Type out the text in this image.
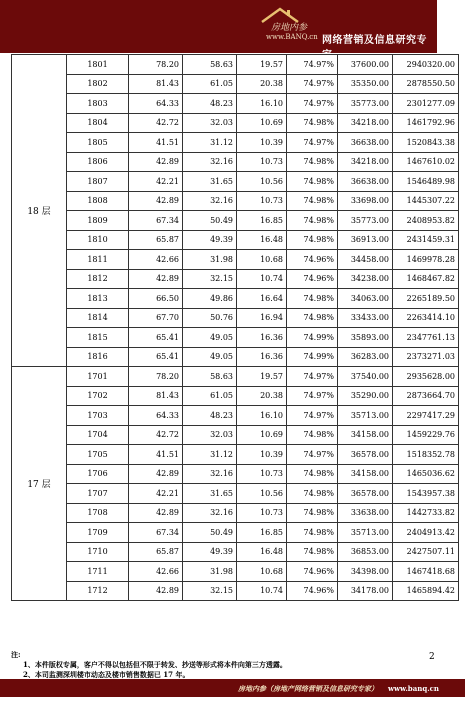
房地内参
www.BANQ.cn 网络营销及信息研究专家
18 层	1801	78.20	58.63	19.57	74.97%	37600.00	2940320.00
	1802	81.43	61.05	20.38	74.97%	35350.00	2878550.50
	1803	64.33	48.23	16.10	74.97%	35773.00	2301277.09
	1804	42.72	32.03	10.69	74.98%	34218.00	1461792.96
	1805	41.51	31.12	10.39	74.97%	36638.00	1520843.38
	1806	42.89	32.16	10.73	74.98%	34218.00	1467610.02
	1807	42.21	31.65	10.56	74.98%	36638.00	1546489.98
	1808	42.89	32.16	10.73	74.98%	33698.00	1445307.22
	1809	67.34	50.49	16.85	74.98%	35773.00	2408953.82
	1810	65.87	49.39	16.48	74.98%	36913.00	2431459.31
	1811	42.66	31.98	10.68	74.96%	34458.00	1469978.28
	1812	42.89	32.15	10.74	74.96%	34238.00	1468467.82
	1813	66.50	49.86	16.64	74.98%	34063.00	2265189.50
	1814	67.70	50.76	16.94	74.98%	33433.00	2263414.10
	1815	65.41	49.05	16.36	74.99%	35893.00	2347761.13
	1816	65.41	49.05	16.36	74.99%	36283.00	2373271.03
17 层	1701	78.20	58.63	19.57	74.97%	37540.00	2935628.00
	1702	81.43	61.05	20.38	74.97%	35290.00	2873664.70
	1703	64.33	48.23	16.10	74.97%	35713.00	2297417.29
	1704	42.72	32.03	10.69	74.98%	34158.00	1459229.76
	1705	41.51	31.12	10.39	74.97%	36578.00	1518352.78
	1706	42.89	32.16	10.73	74.98%	34158.00	1465036.62
	1707	42.21	31.65	10.56	74.98%	36578.00	1543957.38
	1708	42.89	32.16	10.73	74.98%	33638.00	1442733.82
	1709	67.34	50.49	16.85	74.98%	35713.00	2404913.42
	1710	65.87	49.39	16.48	74.98%	36853.00	2427507.11
	1711	42.66	31.98	10.68	74.96%	34398.00	1467418.68
	1712	42.89	32.15	10.74	74.96%	34178.00	1465894.42
注:
1、本件版权专属，客户不得以包括但不限于转发、抄送等形式将本件向第三方透露。
2、本司监测深圳楼市动态及楼市销售数据已 17 年。
2
房地内参（房地产网络营销及信息研究专家） www.banq.cn
